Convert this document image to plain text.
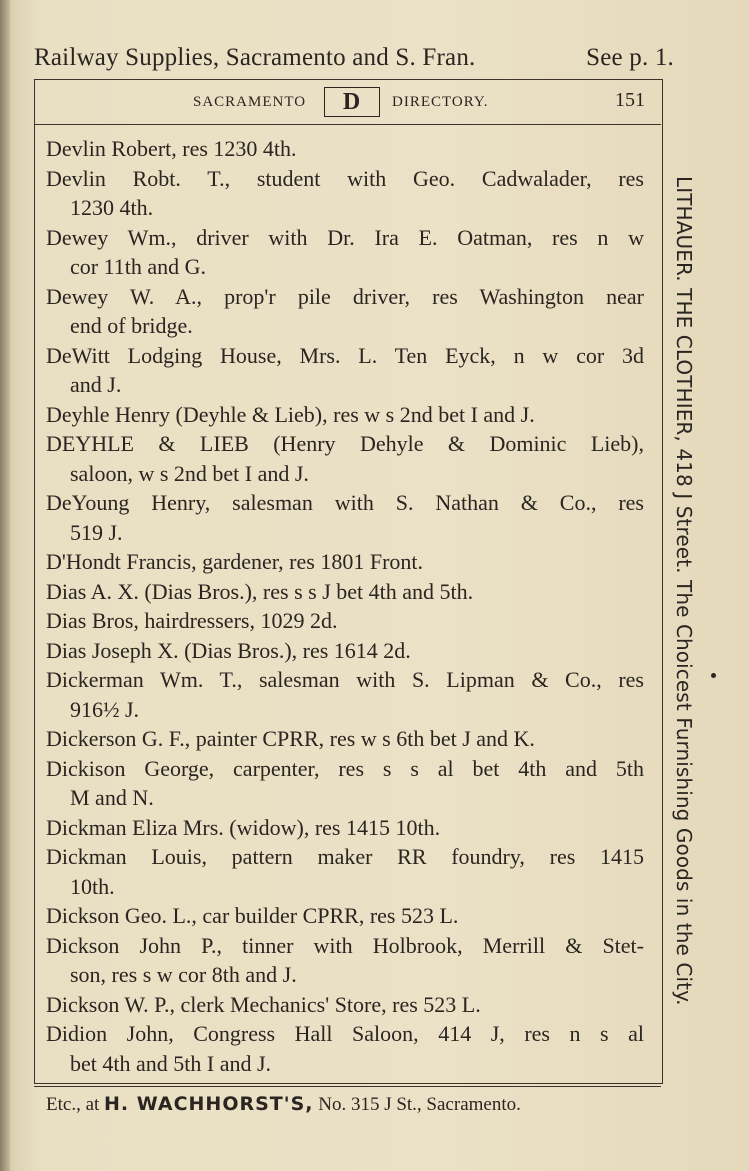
Railway Supplies, Sacramento and S. Fran.	See p. 1.
SACRAMENTO	D	DIRECTORY.	151
Devlin Robert, res 1230 4th.
Devlin Robt. T., student with Geo. Cadwalader, res
1230 4th.
Dewey Wm., driver with Dr. Ira E. Oatman, res n w
cor 11th and G.
Dewey W. A., prop'r pile driver, res Washington near
end of bridge.
DeWitt Lodging House, Mrs. L. Ten Eyck, n w cor 3d
and J.
Deyhle Henry (Deyhle & Lieb), res w s 2nd bet I and J.
DEYHLE & LIEB (Henry Dehyle & Dominic Lieb),
saloon, w s 2nd bet I and J.
DeYoung Henry, salesman with S. Nathan & Co., res
519 J.
D'Hondt Francis, gardener, res 1801 Front.
Dias A. X. (Dias Bros.), res s s J bet 4th and 5th.
Dias Bros, hairdressers, 1029 2d.
Dias Joseph X. (Dias Bros.), res 1614 2d.
Dickerman Wm. T., salesman with S. Lipman & Co., res
916½ J.
Dickerson G. F., painter CPRR, res w s 6th bet J and K.
Dickison George, carpenter, res s s al bet 4th and 5th
M and N.
Dickman Eliza Mrs. (widow), res 1415 10th.
Dickman Louis, pattern maker RR foundry, res 1415
10th.
Dickson Geo. L., car builder CPRR, res 523 L.
Dickson John P., tinner with Holbrook, Merrill & Stet-
son, res s w cor 8th and J.
Dickson W. P., clerk Mechanics' Store, res 523 L.
Didion John, Congress Hall Saloon, 414 J, res n s al
bet 4th and 5th I and J.
LITHAUER. THE CLOTHIER, 418 J Street. The Choicest Furnishing Goods in the City.
Etc., at H. WACHHORST'S, No. 315 J St., Sacramento.
